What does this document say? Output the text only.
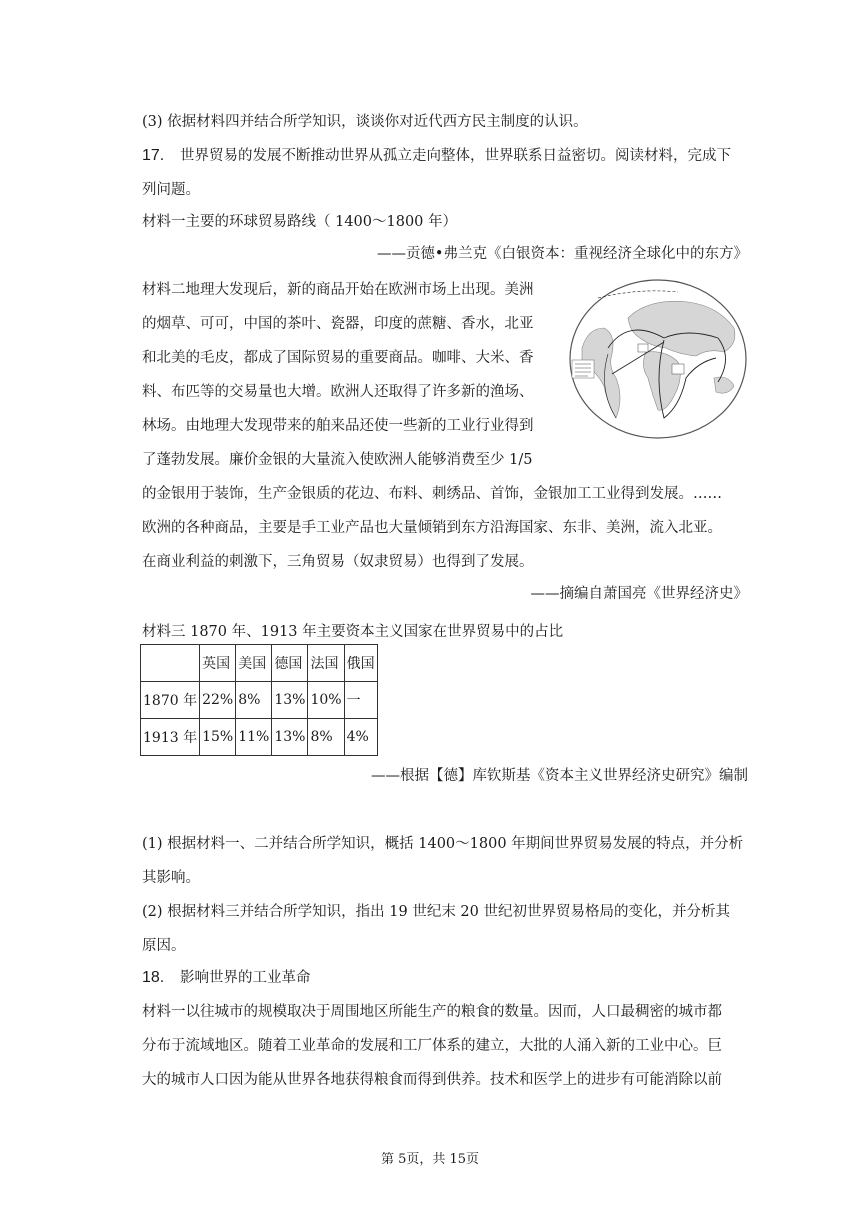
(3) 依据材料四并结合所学知识，谈谈你对近代西方民主制度的认识。
17. 世界贸易的发展不断推动世界从孤立走向整体，世界联系日益密切。阅读材料，完成下
列问题。
材料一主要的环球贸易路线（ 1400～1800 年）
——贡德•弗兰克《白银资本：重视经济全球化中的东方》
材料二地理大发现后，新的商品开始在欧洲市场上出现。美洲
的烟草、可可，中国的茶叶、瓷器，印度的蔗糖、香水，北亚
和北美的毛皮，都成了国际贸易的重要商品。咖啡、大米、香
料、布匹等的交易量也大增。欧洲人还取得了许多新的渔场、
林场。由地理大发现带来的舶来品还使一些新的工业行业得到
了蓬勃发展。廉价金银的大量流入使欧洲人能够消费至少 1/5
的金银用于装饰，生产金银质的花边、布料、刺绣品、首饰，金银加工工业得到发展。……
欧洲的各种商品，主要是手工业产品也大量倾销到东方沿海国家、东非、美洲，流入北亚。
在商业利益的刺激下，三角贸易（奴隶贸易）也得到了发展。
——摘编自萧国亮《世界经济史》
材料三 1870 年、1913 年主要资本主义国家在世界贸易中的占比
	英国	美国	德国	法国	俄国
1870 年	22%	8%	13%	10%	一
1913 年	15%	11%	13%	8%	4%
——根据【德】库钦斯基《资本主义世界经济史研究》编制
(1) 根据材料一、二并结合所学知识，概括 1400～1800 年期间世界贸易发展的特点，并分析
其影响。
(2) 根据材料三并结合所学知识，指出 19 世纪末 20 世纪初世界贸易格局的变化，并分析其
原因。
18. 影响世界的工业革命
材料一以往城市的规模取决于周围地区所能生产的粮食的数量。因而，人口最稠密的城市都
分布于流域地区。随着工业革命的发展和工厂体系的建立，大批的人涌入新的工业中心。巨
大的城市人口因为能从世界各地获得粮食而得到供养。技术和医学上的进步有可能消除以前
第 5页，共 15页
